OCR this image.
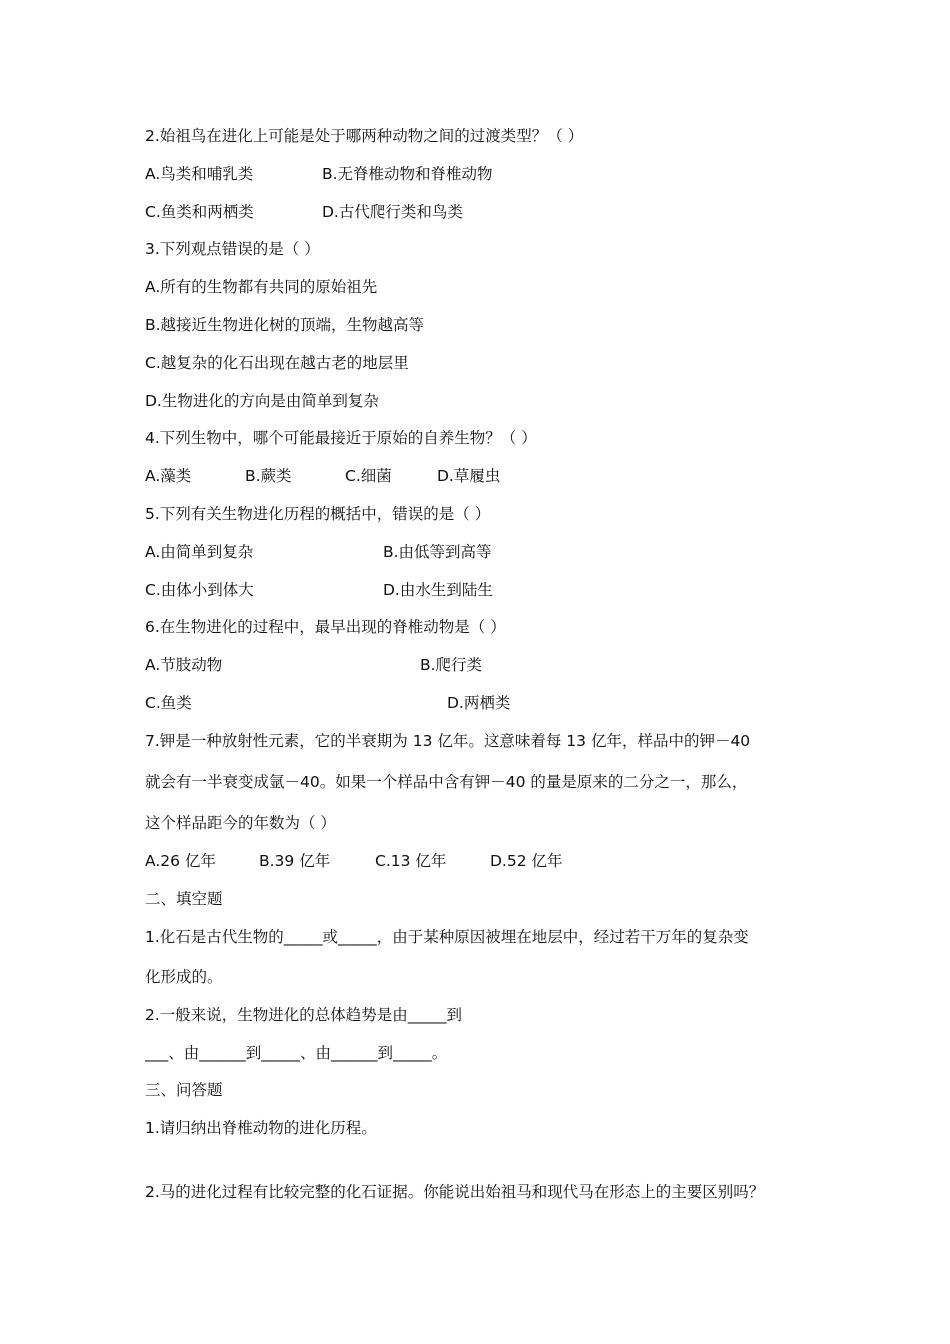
2.始祖鸟在进化上可能是处于哪两种动物之间的过渡类型？（ ）

A.鸟类和哺乳类	B.无脊椎动物和脊椎动物
C.鱼类和两栖类	D.古代爬行类和鸟类

3.下列观点错误的是（ ）

A.所有的生物都有共同的原始祖先

B.越接近生物进化树的顶端，生物越高等

C.越复杂的化石出现在越古老的地层里

D.生物进化的方向是由简单到复杂

4.下列生物中，哪个可能最接近于原始的自养生物？（ ）

A.藻类	B.蕨类	C.细菌	D.草履虫

5.下列有关生物进化历程的概括中，错误的是（ ）

A.由简单到复杂	B.由低等到高等
C.由体小到体大	D.由水生到陆生

6.在生物进化的过程中，最早出现的脊椎动物是（ ）

A.节肢动物	B.爬行类
C.鱼类	D.两栖类

7.钾是一种放射性元素，它的半衰期为 13 亿年。这意味着每 13 亿年，样品中的钾－40

就会有一半衰变成氩－40。如果一个样品中含有钾－40 的量是原来的二分之一，那么，

这个样品距今的年数为（ ）

A.26 亿年	B.39 亿年	C.13 亿年	D.52 亿年

二、填空题

1.化石是古代生物的_____或_____，由于某种原因被埋在地层中，经过若干万年的复杂变

化形成的。

2.一般来说，生物进化的总体趋势是由_____到

___、由______到_____、由______到_____。

三、问答题

1.请归纳出脊椎动物的进化历程。

2.马的进化过程有比较完整的化石证据。你能说出始祖马和现代马在形态上的主要区别吗？
